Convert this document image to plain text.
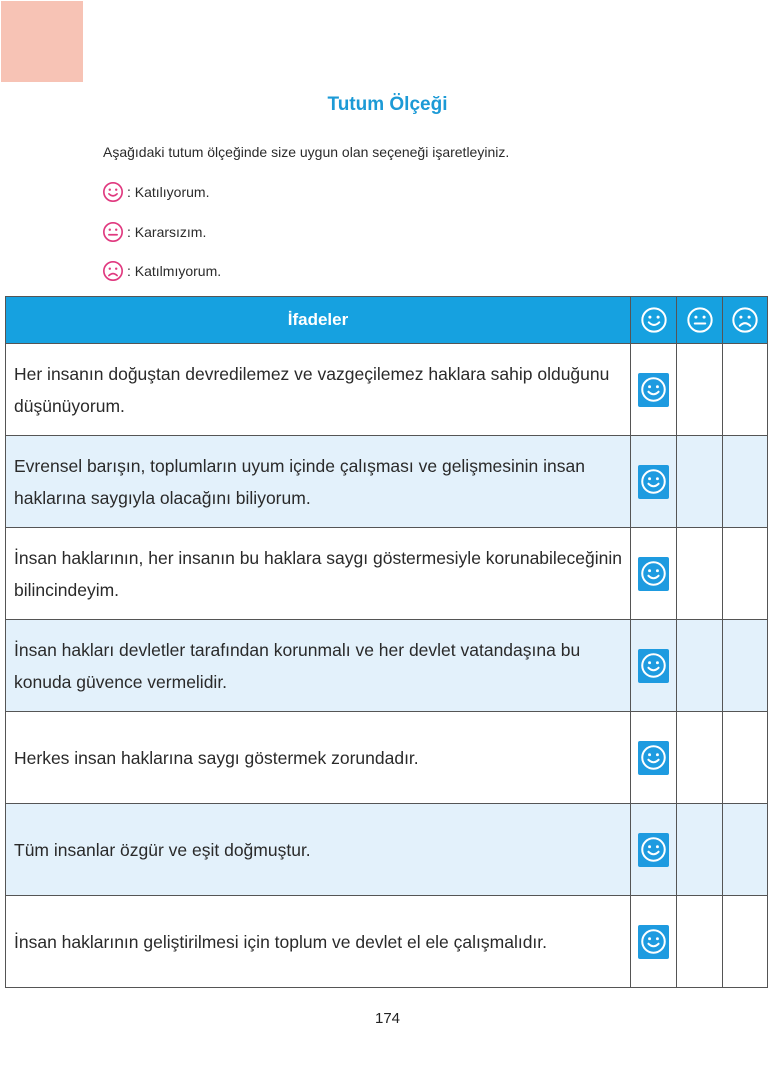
Tutum Ölçeği
Aşağıdaki tutum ölçeğinde size uygun olan seçeneği işaretleyiniz.
: Katılıyorum.
: Kararsızım.
: Katılmıyorum.
İfadeler	

Her insanın doğuştan devredilemez ve vazgeçilemez haklara sahip olduğunu düşünüyorum.			
Evrensel barışın, toplumların uyum içinde çalışması ve gelişmesinin insan haklarına saygıyla olacağını biliyorum.			
İnsan haklarının, her insanın bu haklara saygı göstermesiyle korunabileceğinin bilincindeyim.			
İnsan hakları devletler tarafından korunmalı ve her devlet vatandaşına bu konuda güvence vermelidir.			
Herkes insan haklarına saygı göstermek zorundadır.			
Tüm insanlar özgür ve eşit doğmuştur.			
İnsan haklarının geliştirilmesi için toplum ve devlet el ele çalışmalıdır.			
174
